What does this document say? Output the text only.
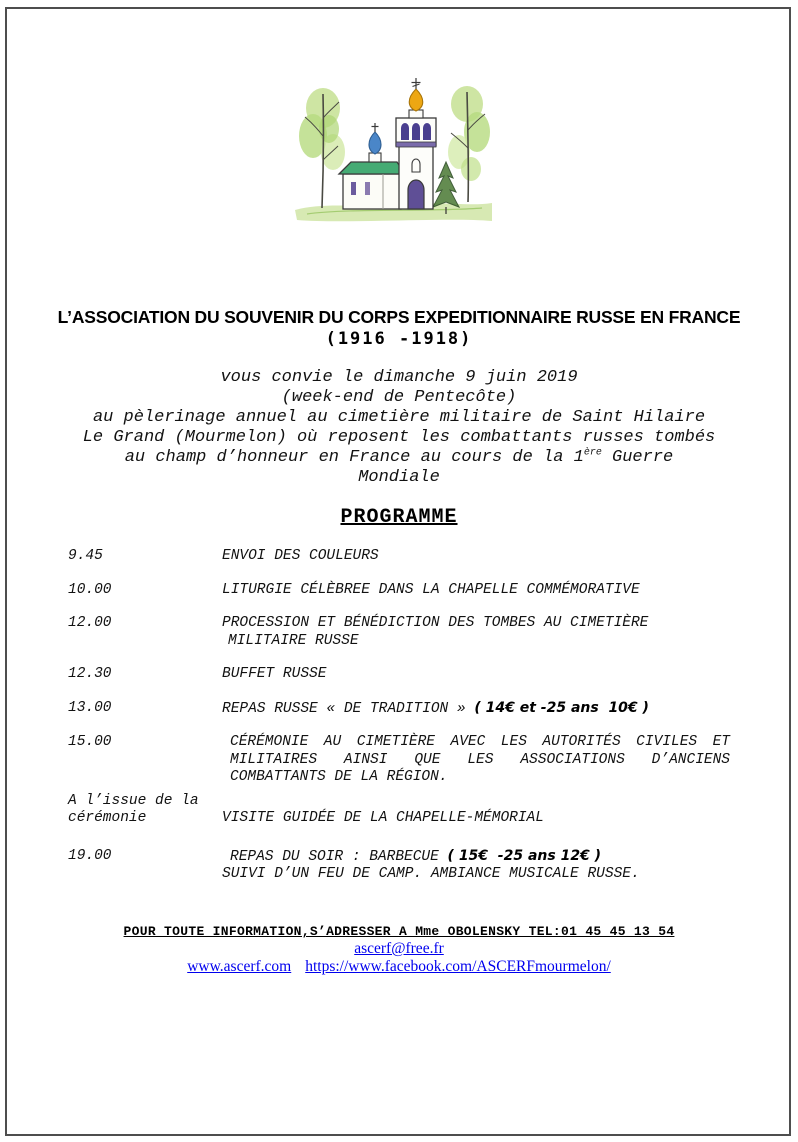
L’ASSOCIATION DU SOUVENIR DU CORPS EXPEDITIONNAIRE RUSSE EN FRANCE
(1916 -1918)
vous convie le dimanche 9 juin 2019
(week-end de Pentecôte)
au pèlerinage annuel au cimetière militaire de Saint Hilaire
Le Grand (Mourmelon) où reposent les combattants russes tombés
au champ d’honneur en France au cours de la 1ère Guerre
Mondiale
PROGRAMME
9.45	ENVOI DES COULEURS
10.00	LITURGIE CÉLÈBREE DANS LA CHAPELLE COMMÉMORATIVE
12.00	PROCESSION ET BÉNÉDICTION DES TOMBES AU CIMETIÈRE
MILITAIRE RUSSE
12.30	BUFFET RUSSE
13.00	REPAS RUSSE « DE TRADITION » ( 14€ et -25 ans  10€ )
15.00	CÉRÉMONIE AU CIMETIÈRE AVEC LES AUTORITÉS CIVILES ET
MILITAIRES AINSI QUE LES ASSOCIATIONS D’ANCIENS
COMBATTANTS DE LA RÉGION.
A l’issue de la
cérémonie	VISITE GUIDÉE DE LA CHAPELLE-MÉMORIAL
19.00	REPAS DU SOIR : BARBECUE ( 15€  -25 ans 12€ )
SUIVI D’UN FEU DE CAMP. AMBIANCE MUSICALE RUSSE.
POUR TOUTE INFORMATION,S’ADRESSER A Mme OBOLENSKY TEL:01 45 45 13 54
ascerf@free.fr
www.ascerf.com https://www.facebook.com/ASCERFmourmelon/
